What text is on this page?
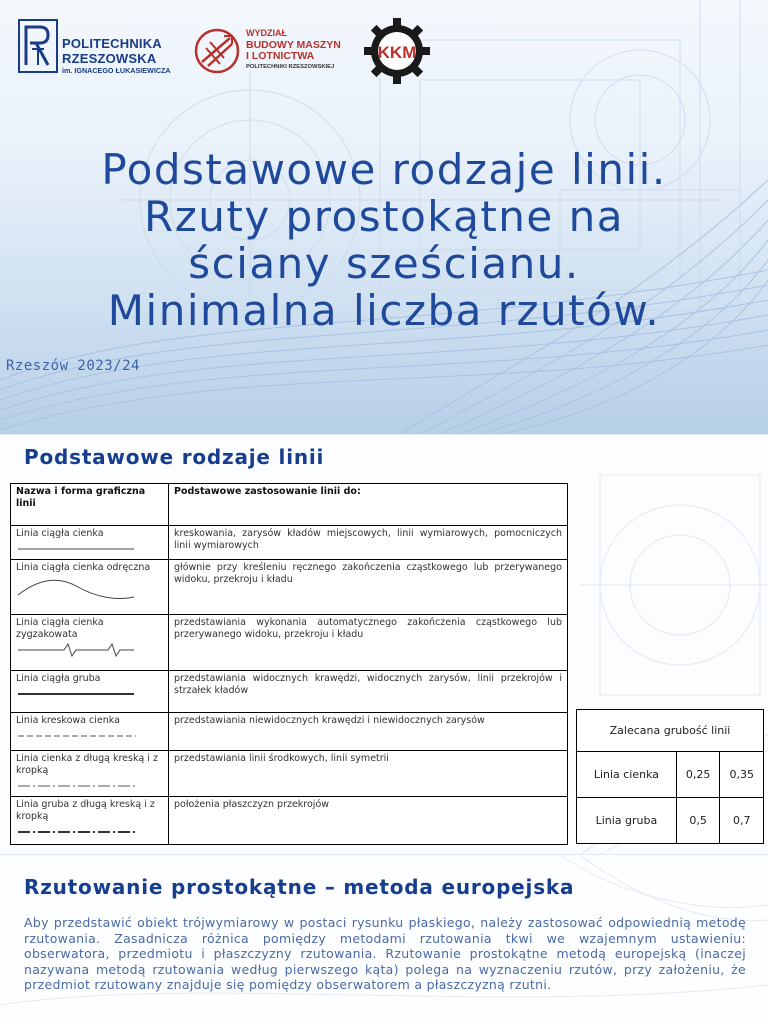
POLITECHNIKA
RZESZOWSKA
im. IGNACEGO ŁUKASIEWICZA
WYDZIAŁ
BUDOWY MASZYN
I LOTNICTWA
POLITECHNIKI RZESZOWSKIEJ
KKM
Podstawowe rodzaje linii.
Rzuty prostokątne na
ściany sześcianu.
Minimalna liczba rzutów.
Rzeszów 2023/24
Podstawowe rodzaje linii
Nazwa i forma graficzna linii	Podstawowe zastosowanie linii do:
Linia ciągła cienka	kreskowania, zarysów kładów miejscowych, linii wymiarowych, pomocniczych linii wymiarowych
Linia ciągła cienka odręczna	głównie przy kreśleniu ręcznego zakończenia cząstkowego lub przerywanego widoku, przekroju i kładu
Linia ciągła cienka zygzakowata	przedstawiania wykonania automatycznego zakończenia cząstkowego lub przerywanego widoku, przekroju i kładu
Linia ciągła gruba	przedstawiania widocznych krawędzi, widocznych zarysów, linii przekrojów i strzałek kładów
Linia kreskowa cienka	przedstawiania niewidocznych krawędzi i niewidocznych zarysów
Linia cienka z długą kreską i z kropką	przedstawiania linii środkowych, linii symetrii
Linia gruba z długą kreską i z kropką	położenia płaszczyzn przekrojów
Zalecana grubość linii		
Linia cienka	0,25	0,35
Linia gruba	0,5	0,7
Rzutowanie prostokątne – metoda europejska

Aby przedstawić obiekt trójwymiarowy w postaci rysunku płaskiego, należy zastosować odpowiednią metodę rzutowania. Zasadnicza różnica pomiędzy metodami rzutowania tkwi we wzajemnym ustawieniu: obserwatora, przedmiotu i płaszczyzny rzutowania. Rzutowanie prostokątne metodą europejską (inaczej nazywana metodą rzutowania według pierwszego kąta) polega na wyznaczeniu rzutów, przy założeniu, że przedmiot rzutowany znajduje się pomiędzy obserwatorem a płaszczyzną rzutni.
